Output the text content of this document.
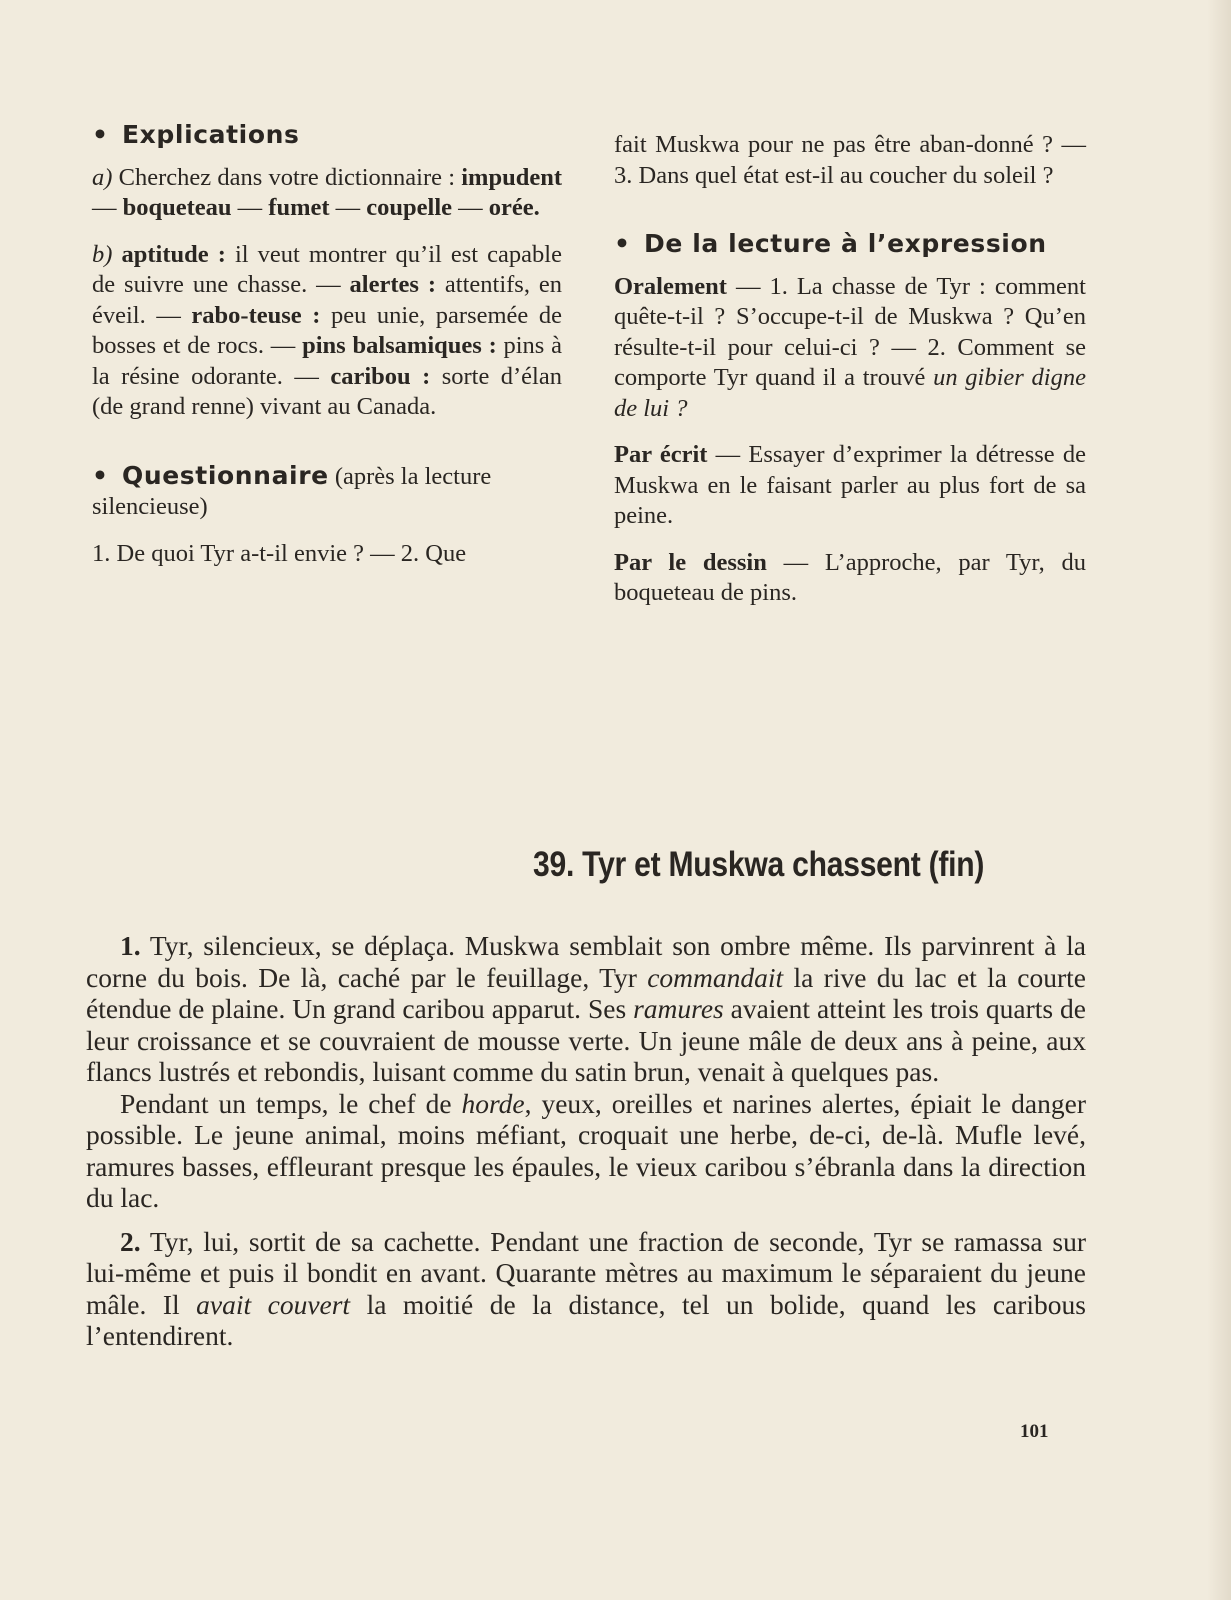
• Explications

a) Cherchez dans votre dictionnaire : impudent — boqueteau — fumet — coupelle — orée.

b) aptitude : il veut montrer qu’il est capable de suivre une chasse. — alertes : attentifs, en éveil. — rabo-teuse : peu unie, parsemée de bosses et de rocs. — pins balsamiques : pins à la résine odorante. — caribou : sorte d’élan (de grand renne) vivant au Canada.

• Questionnaire (après la lecture silencieuse)

1. De quoi Tyr a-t-il envie ? — 2. Que

fait Muskwa pour ne pas être aban-donné ? — 3. Dans quel état est-il au coucher du soleil ?

• De la lecture à l’expression

Oralement — 1. La chasse de Tyr : comment quête-t-il ? S’occupe-t-il de Muskwa ? Qu’en résulte-t-il pour celui-ci ? — 2. Comment se comporte Tyr quand il a trouvé un gibier digne de lui ?

Par écrit — Essayer d’exprimer la détresse de Muskwa en le faisant parler au plus fort de sa peine.

Par le dessin — L’approche, par Tyr, du boqueteau de pins.

39. Tyr et Muskwa chassent (fin)

1. Tyr, silencieux, se déplaça. Muskwa semblait son ombre même. Ils parvinrent à la corne du bois. De là, caché par le feuillage, Tyr commandait la rive du lac et la courte étendue de plaine. Un grand caribou apparut. Ses ramures avaient atteint les trois quarts de leur croissance et se couvraient de mousse verte. Un jeune mâle de deux ans à peine, aux flancs lustrés et rebondis, luisant comme du satin brun, venait à quelques pas.

Pendant un temps, le chef de horde, yeux, oreilles et narines alertes, épiait le danger possible. Le jeune animal, moins méfiant, croquait une herbe, de-ci, de-là. Mufle levé, ramures basses, effleurant presque les épaules, le vieux caribou s’ébranla dans la direction du lac.

2. Tyr, lui, sortit de sa cachette. Pendant une fraction de seconde, Tyr se ramassa sur lui-même et puis il bondit en avant. Quarante mètres au maximum le séparaient du jeune mâle. Il avait couvert la moitié de la distance, tel un bolide, quand les caribous l’entendirent.

101
